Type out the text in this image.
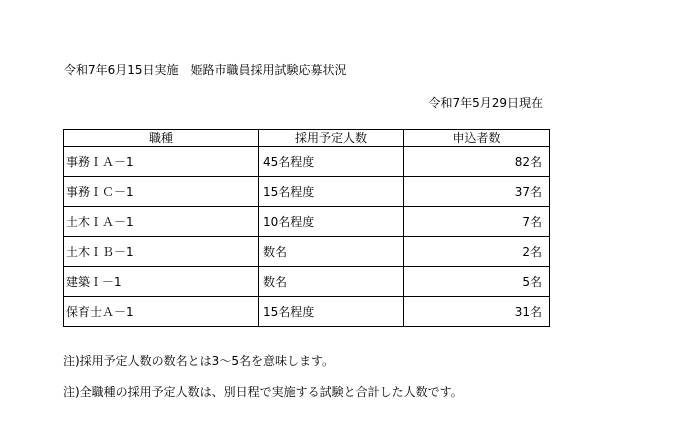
令和7年6月15日実施　姫路市職員採用試験応募状況
令和7年5月29日現在
職種	採用予定人数	申込者数
事務ＩＡ－1	45名程度	82名
事務ＩＣ－1	15名程度	37名
土木ＩＡ－1	10名程度	7名
土木ＩＢ－1	数名	2名
建築Ｉ－1	数名	5名
保育士Ａ－1	15名程度	31名
注)採用予定人数の数名とは3～5名を意味します。
注)全職種の採用予定人数は、別日程で実施する試験と合計した人数です。
